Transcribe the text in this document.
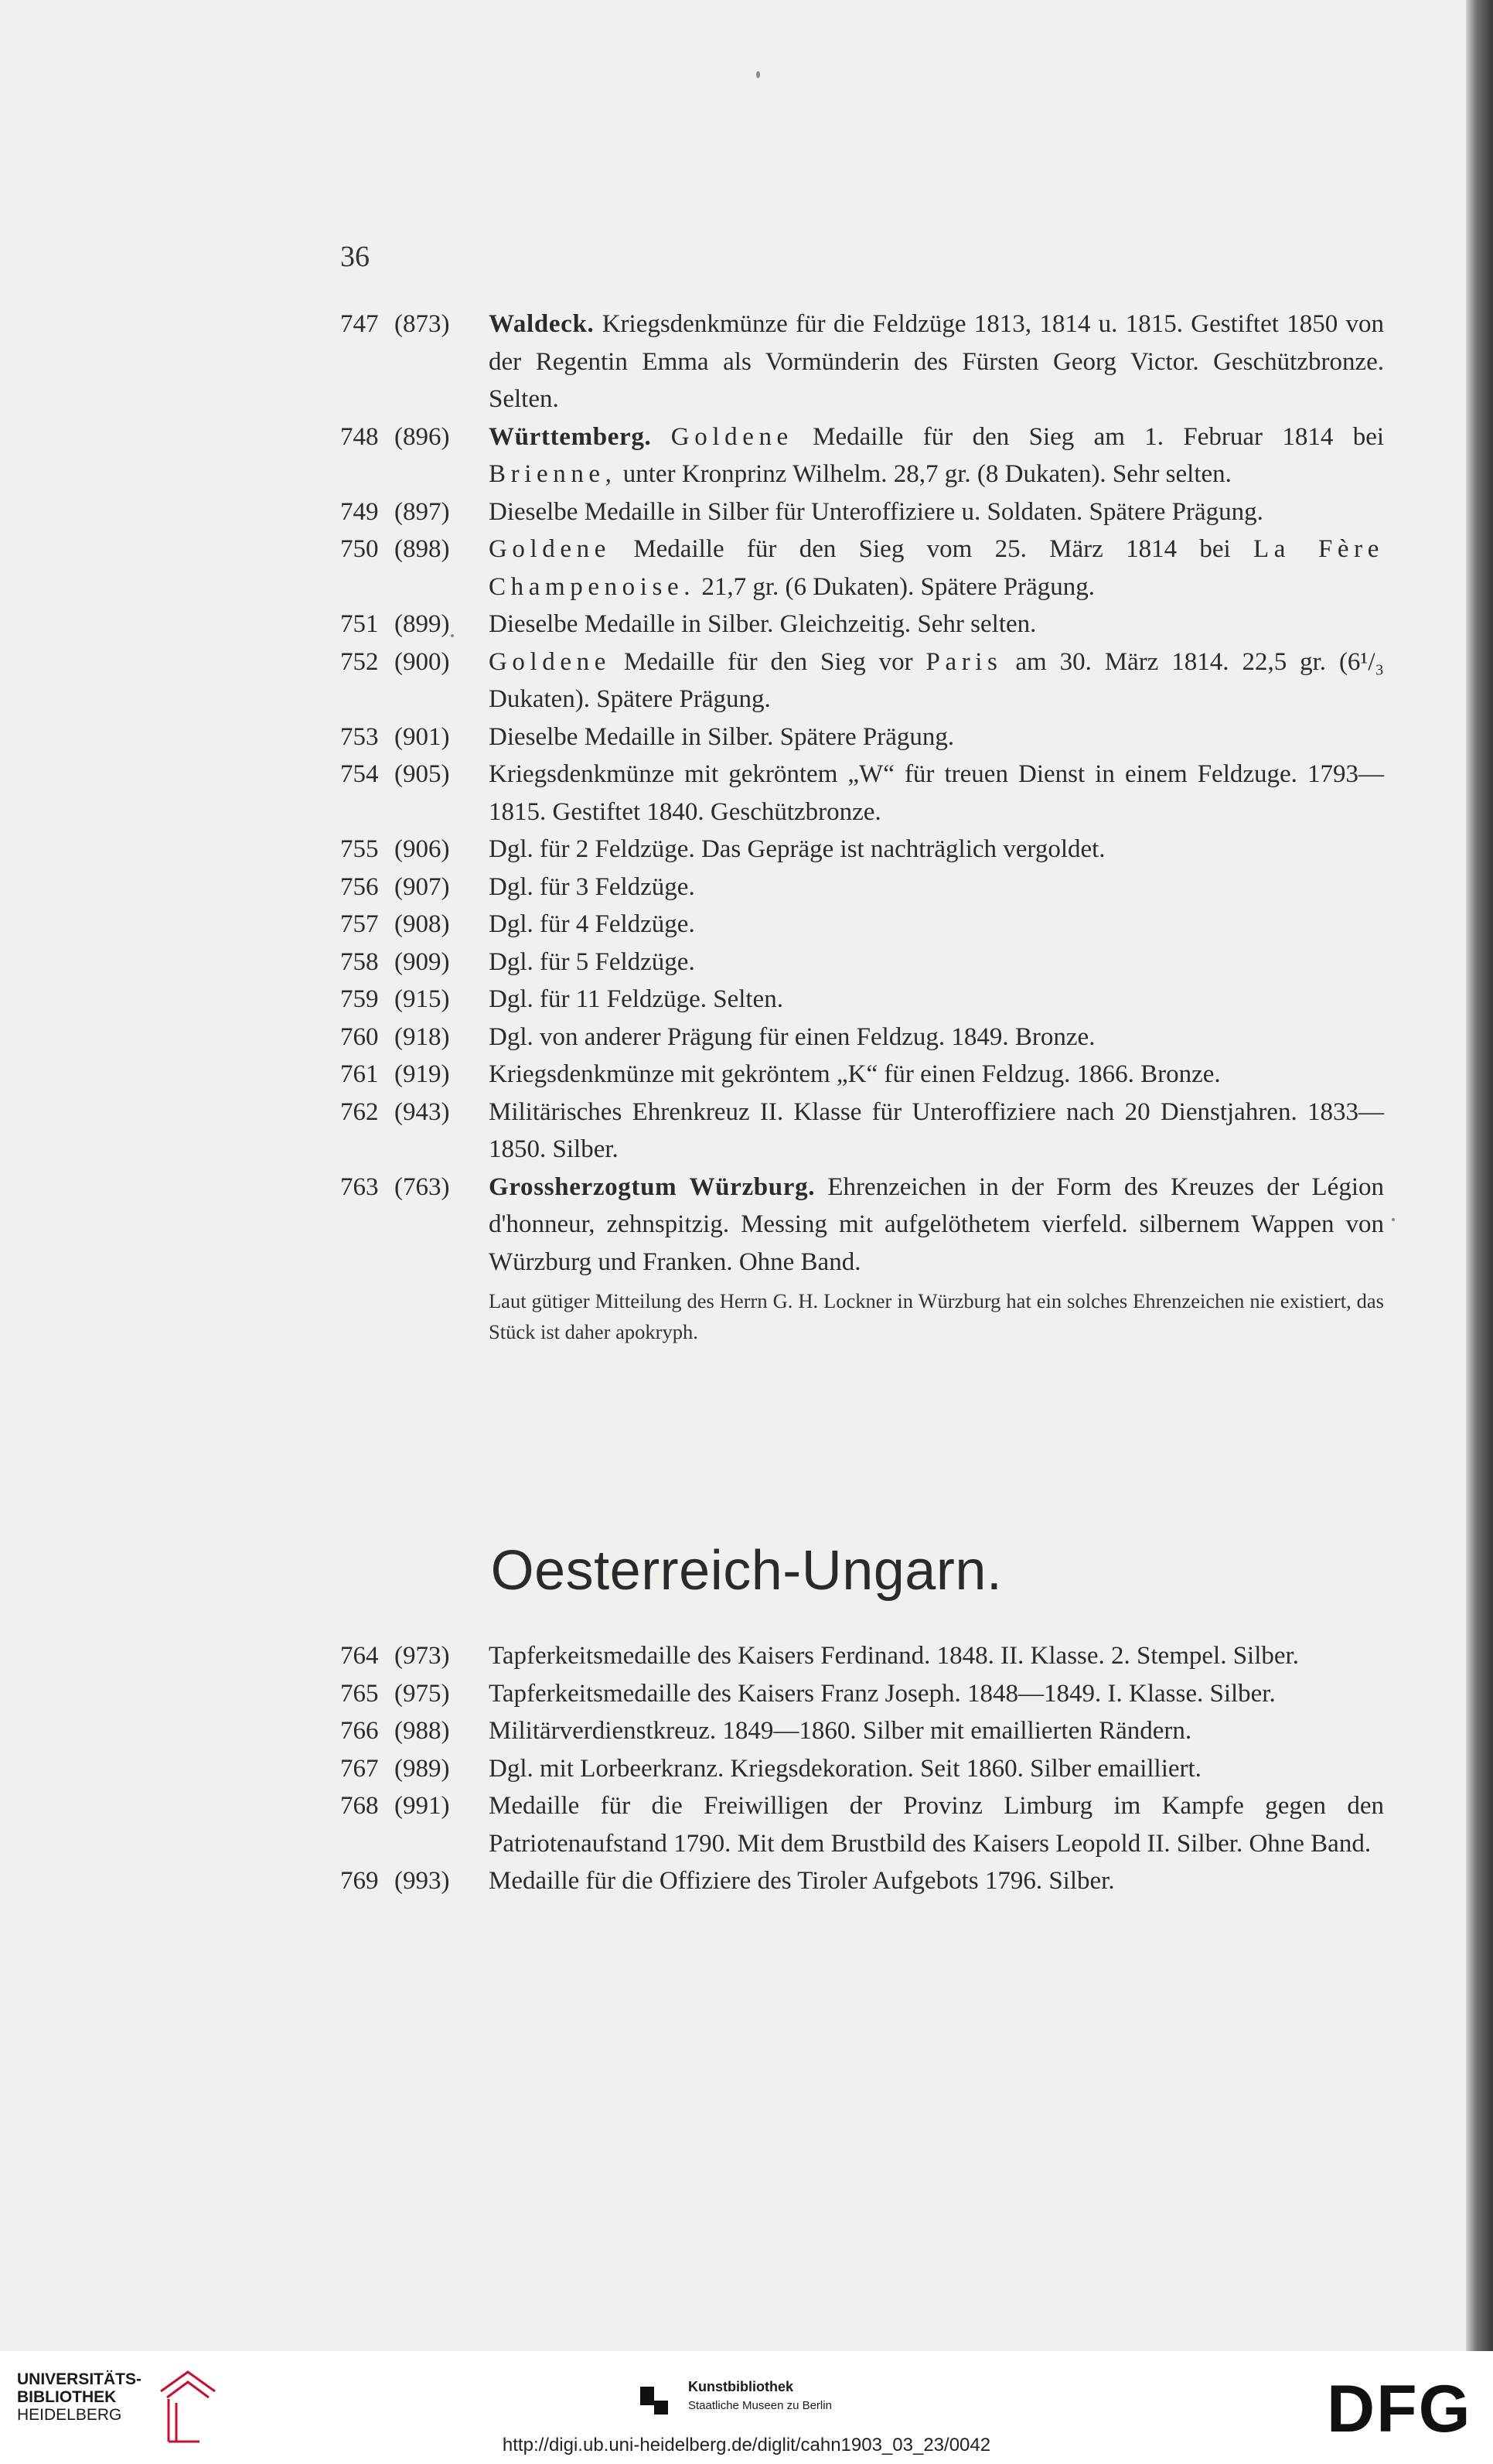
36
747 (873)	Waldeck. Kriegsdenkmünze für die Feldzüge 1813, 1814 u. 1815. Gestiftet 1850 von der Regentin Emma als Vormünderin des Fürsten Georg Victor. Geschützbronze. Selten.
748 (896)	Württemberg. Goldene Medaille für den Sieg am 1. Februar 1814 bei Brienne, unter Kronprinz Wilhelm. 28,7 gr. (8 Dukaten). Sehr selten.
749 (897)	Dieselbe Medaille in Silber für Unteroffiziere u. Soldaten. Spätere Prägung.
750 (898)	Goldene Medaille für den Sieg vom 25. März 1814 bei La Fère Champenoise. 21,7 gr. (6 Dukaten). Spätere Prägung.
751 (899)	Dieselbe Medaille in Silber. Gleichzeitig. Sehr selten.
752 (900)	Goldene Medaille für den Sieg vor Paris am 30. März 1814. 22,5 gr. (6¹/₃ Dukaten). Spätere Prägung.
753 (901)	Dieselbe Medaille in Silber. Spätere Prägung.
754 (905)	Kriegsdenkmünze mit gekröntem „W“ für treuen Dienst in einem Feldzuge. 1793—1815. Gestiftet 1840. Geschützbronze.
755 (906)	Dgl. für 2 Feldzüge. Das Gepräge ist nachträglich vergoldet.
756 (907)	Dgl. für 3 Feldzüge.
757 (908)	Dgl. für 4 Feldzüge.
758 (909)	Dgl. für 5 Feldzüge.
759 (915)	Dgl. für 11 Feldzüge. Selten.
760 (918)	Dgl. von anderer Prägung für einen Feldzug. 1849. Bronze.
761 (919)	Kriegsdenkmünze mit gekröntem „K“ für einen Feldzug. 1866. Bronze.
762 (943)	Militärisches Ehrenkreuz II. Klasse für Unteroffiziere nach 20 Dienstjahren. 1833—1850. Silber.
763 (763)	Grossherzogtum Würzburg. Ehrenzeichen in der Form des Kreuzes der Légion d'honneur, zehnspitzig. Messing mit aufgelöthetem vierfeld. silbernem Wappen von Würzburg und Franken. Ohne Band.
Laut gütiger Mitteilung des Herrn G. H. Lockner in Würzburg hat ein solches Ehrenzeichen nie existiert, das Stück ist daher apokryph.
Oesterreich-Ungarn.
764 (973)	Tapferkeitsmedaille des Kaisers Ferdinand. 1848. II. Klasse. 2. Stempel. Silber.
765 (975)	Tapferkeitsmedaille des Kaisers Franz Joseph. 1848—1849. I. Klasse. Silber.
766 (988)	Militärverdienstkreuz. 1849—1860. Silber mit emaillierten Rändern.
767 (989)	Dgl. mit Lorbeerkranz. Kriegsdekoration. Seit 1860. Silber emailliert.
768 (991)	Medaille für die Freiwilligen der Provinz Limburg im Kampfe gegen den Patriotenaufstand 1790. Mit dem Brustbild des Kaisers Leopold II. Silber. Ohne Band.
769 (993)	Medaille für die Offiziere des Tiroler Aufgebots 1796. Silber.
UNIVERSITÄTS-
BIBLIOTHEK
HEIDELBERG
Kunstbibliothek
Staatliche Museen zu Berlin	DFG
http://digi.ub.uni-heidelberg.de/diglit/cahn1903_03_23/0042
